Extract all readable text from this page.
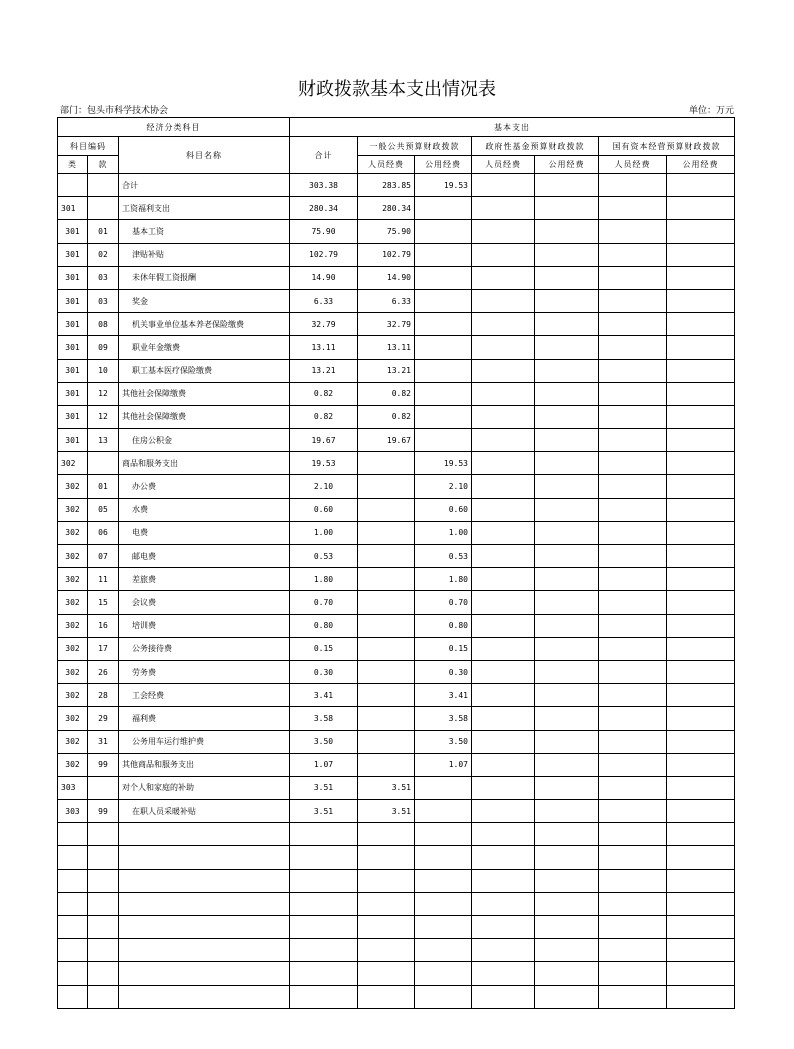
财政拨款基本支出情况表
部门：包头市科学技术协会	单位：万元
经济分类科目			基本支出						
科目编码		科目名称	合计	一般公共预算财政拨款		政府性基金预算财政拨款		国有资本经营预算财政拨款	
类	款			人员经费	公用经费	人员经费	公用经费	人员经费	公用经费
		合计	303.38	283.85	19.53				
301		工资福利支出	280.34	280.34					
301	01	基本工资	75.90	75.90					
301	02	津贴补贴	102.79	102.79					
301	03	未休年假工资报酬	14.90	14.90					
301	03	奖金	6.33	6.33					
301	08	机关事业单位基本养老保险缴费	32.79	32.79					
301	09	职业年金缴费	13.11	13.11					
301	10	职工基本医疗保险缴费	13.21	13.21					
301	12	其他社会保障缴费	0.82	0.82					
301	12	其他社会保障缴费	0.82	0.82					
301	13	住房公积金	19.67	19.67					
302		商品和服务支出	19.53		19.53				
302	01	办公费	2.10		2.10				
302	05	水费	0.60		0.60				
302	06	电费	1.00		1.00				
302	07	邮电费	0.53		0.53				
302	11	差旅费	1.80		1.80				
302	15	会议费	0.70		0.70				
302	16	培训费	0.80		0.80				
302	17	公务接待费	0.15		0.15				
302	26	劳务费	0.30		0.30				
302	28	工会经费	3.41		3.41				
302	29	福利费	3.58		3.58				
302	31	公务用车运行维护费	3.50		3.50				
302	99	其他商品和服务支出	1.07		1.07				
303		对个人和家庭的补助	3.51	3.51					
303	99	在职人员采暖补贴	3.51	3.51					
